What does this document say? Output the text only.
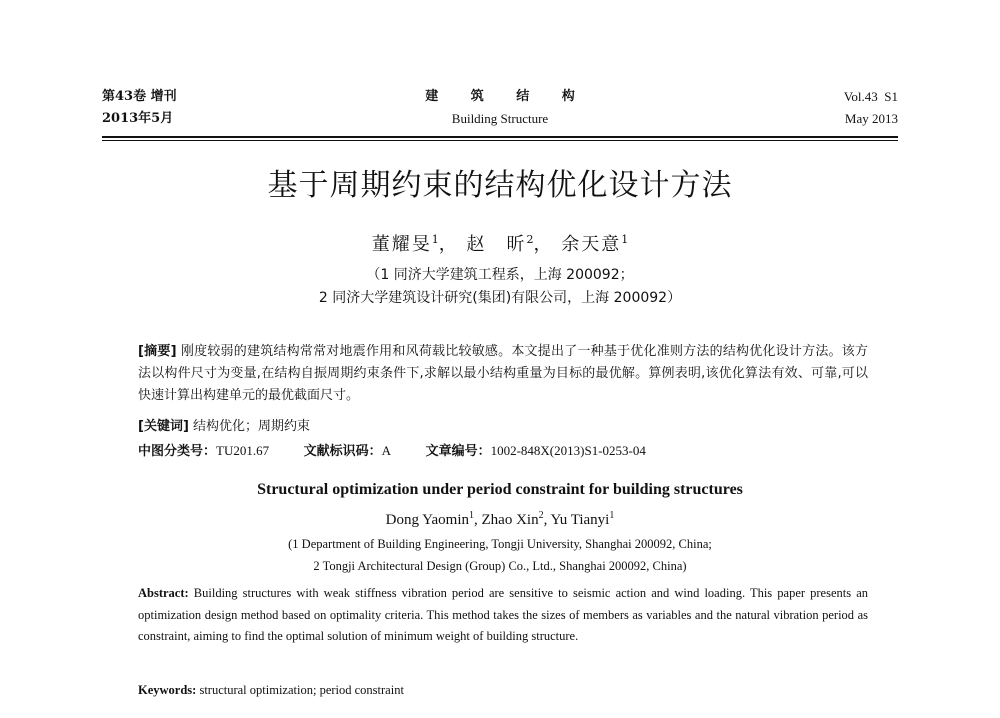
第43卷 增刊
2013年5月
建 筑 结 构
Building Structure
Vol.43  S1
May 2013
基于周期约束的结构优化设计方法
董耀旻$^1$， 赵　昕$^2$， 余天意$^1$
（1 同济大学建筑工程系，上海 200092；
2 同济大学建筑设计研究(集团)有限公司，上海 200092）
[摘要] 刚度较弱的建筑结构常常对地震作用和风荷载比较敏感。本文提出了一种基于优化准则方法的结构优化设计方法。该方法以构件尺寸为变量,在结构自振周期约束条件下,求解以最小结构重量为目标的最优解。算例表明,该优化算法有效、可靠,可以快速计算出构建单元的最优截面尺寸。
[关键词] 结构优化；周期约束
中图分类号：TU201.67	文献标识码：A	文章编号：1002-848X(2013)S1-0253-04
Structural optimization under period constraint for building structures
Dong Yaomin$^1$, Zhao Xin$^2$, Yu Tianyi$^1$
(1 Department of Building Engineering, Tongji University, Shanghai 200092, China;
2 Tongji Architectural Design (Group) Co., Ltd., Shanghai 200092, China)
Abstract: Building structures with weak stiffness vibration period are sensitive to seismic action and wind loading. This paper presents an optimization design method based on optimality criteria. This method takes the sizes of members as variables and the natural vibration period as constraint, aiming to find the optimal solution of minimum weight of building structure.
Keywords: structural optimization; period constraint
